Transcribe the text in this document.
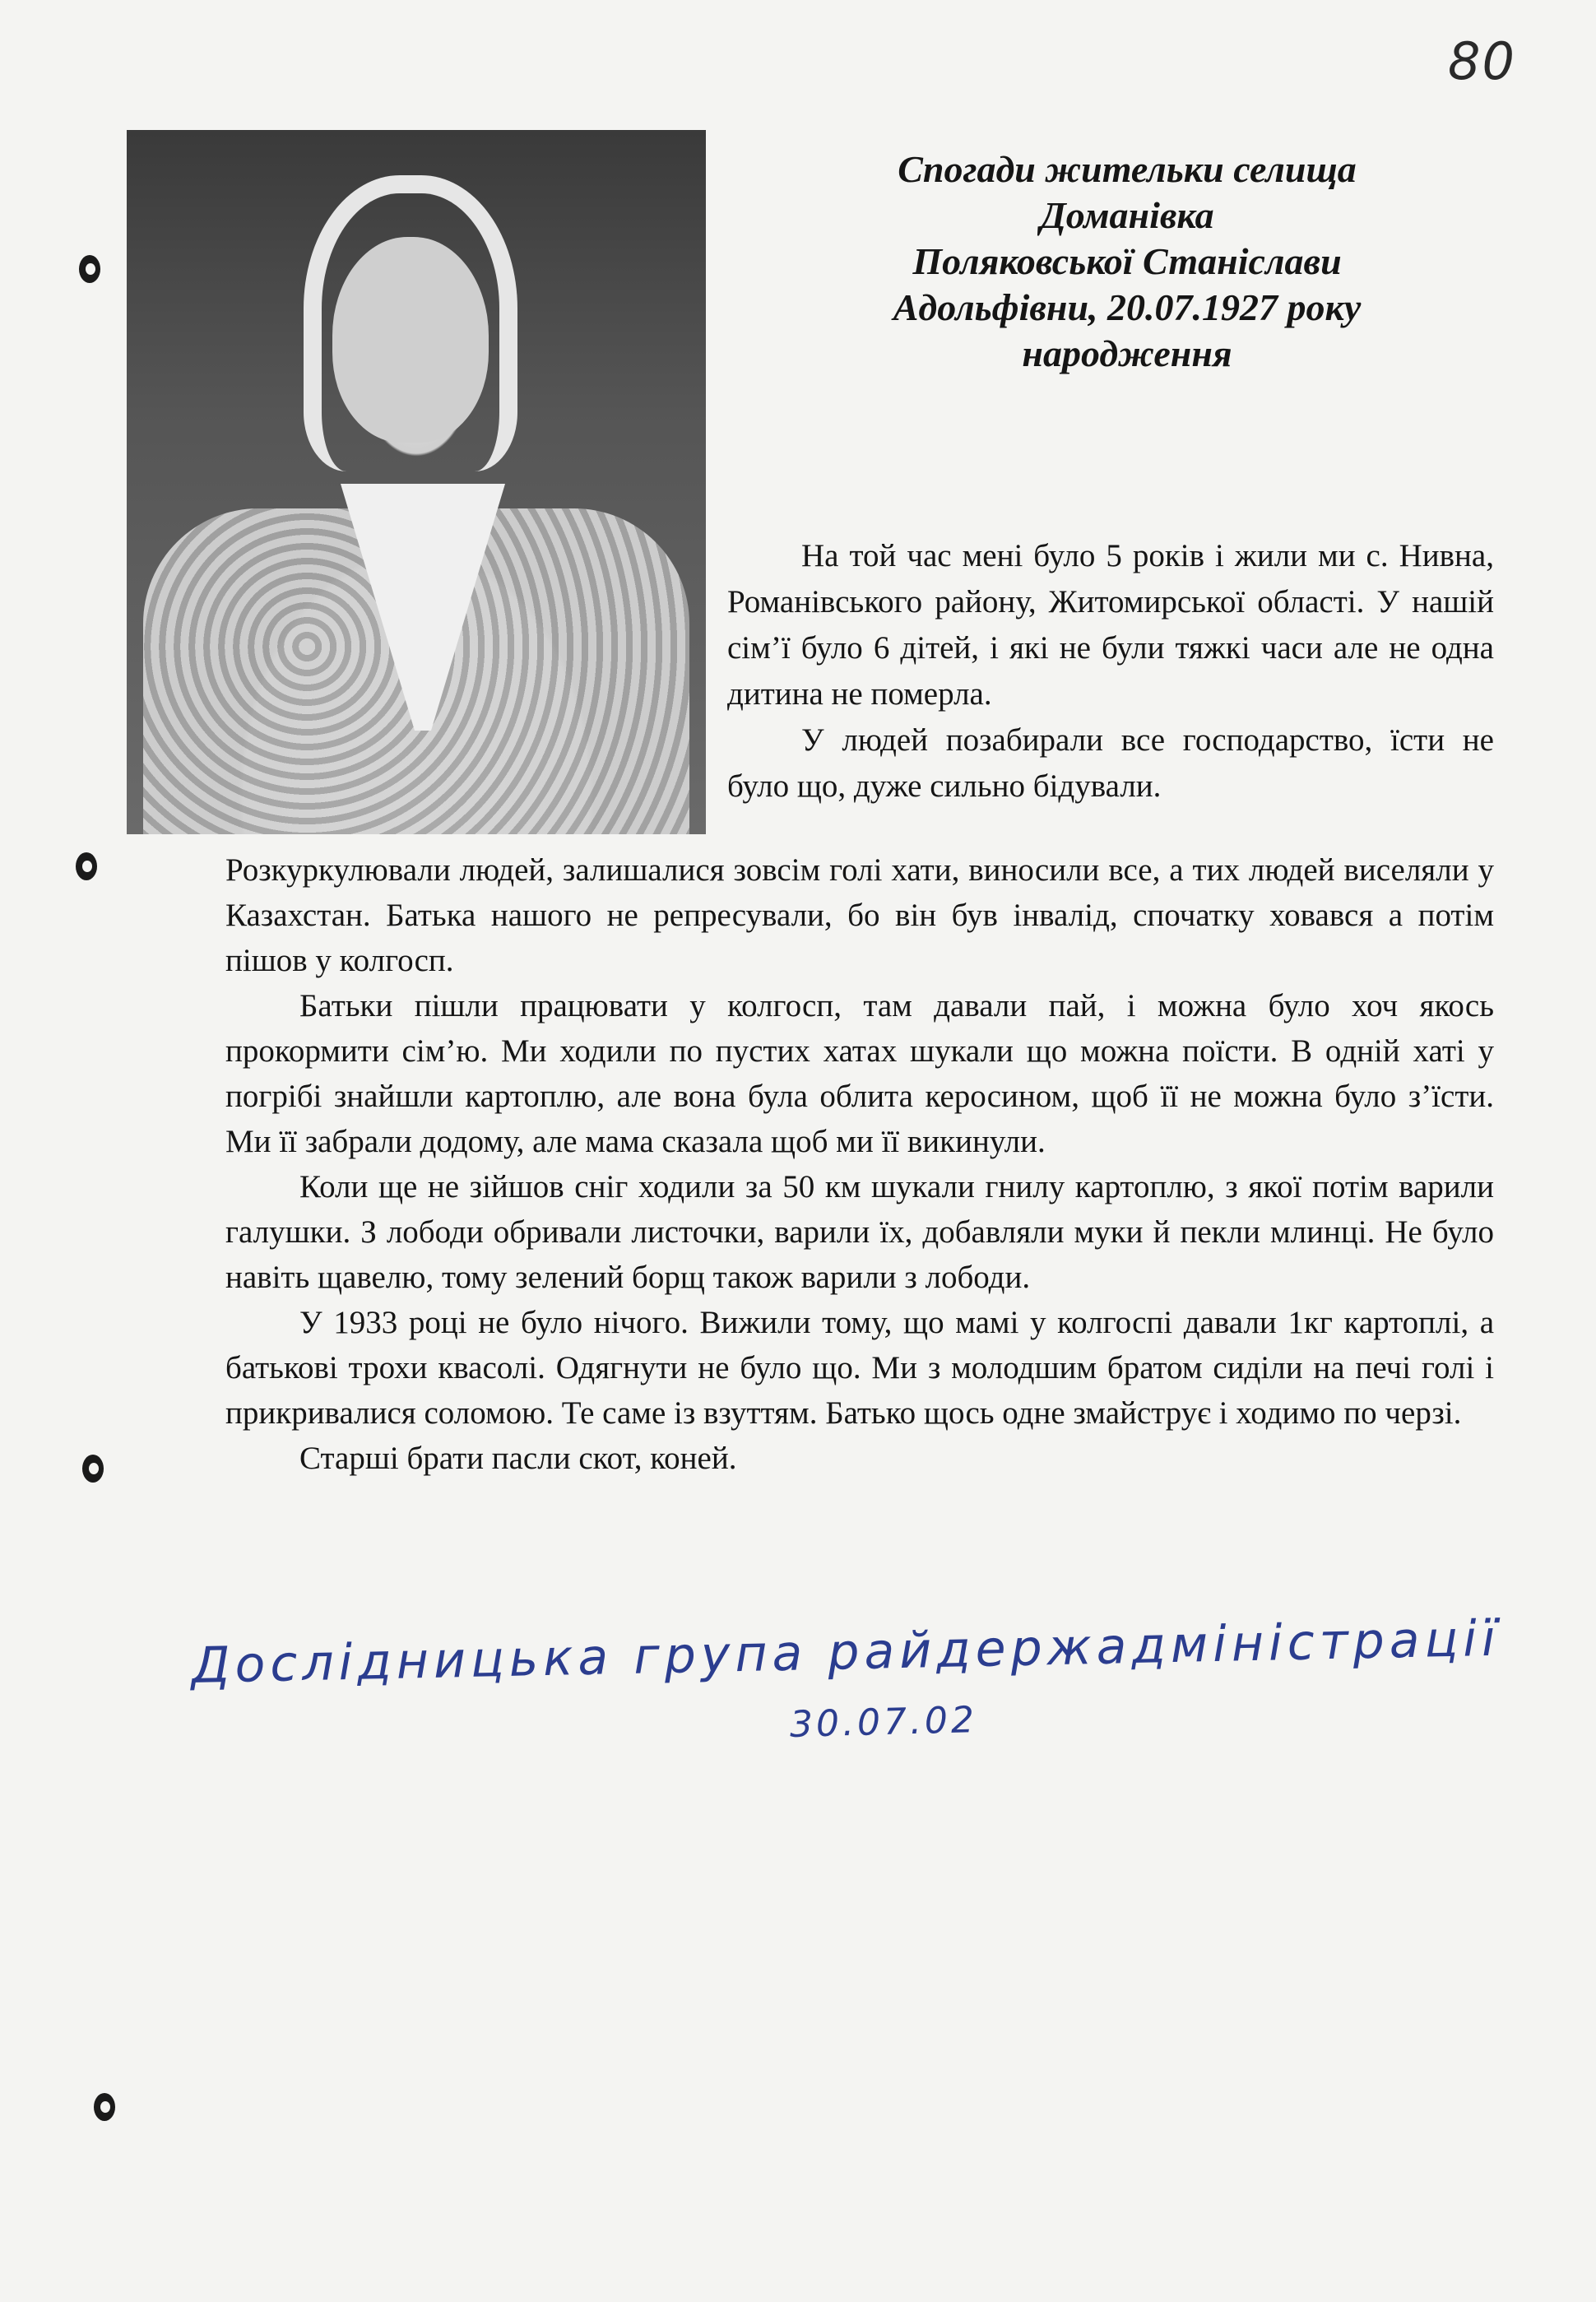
80
Спогади жительки селища
Доманівка
Поляковської Станіслави
Адольфівни, 20.07.1927 року
народження

На той час мені було 5 років і жили ми с. Нивна, Романівського району, Житомирської області. У нашій сім’ї було 6 дітей, і які не були тяжкі часи але не одна дитина не померла.

У людей позабирали все господарство, їсти не було що, дуже сильно бідували.

Розкуркулювали людей, залишалися зовсім голі хати, виносили все, а тих людей виселяли у Казахстан. Батька нашого не репресували, бо він був інвалід, спочатку ховався а потім пішов у колгосп.

Батьки пішли працювати у колгосп, там давали пай, і можна було хоч якось прокормити сім’ю. Ми ходили по пустих хатах шукали що можна поїсти. В одній хаті у погрібі знайшли картоплю, але вона була облита керосином, щоб її не можна було з’їсти. Ми її забрали додому, але мама сказала щоб ми її викинули.

Коли ще не зійшов сніг ходили за 50 км шукали гнилу картоплю, з якої потім варили галушки. З лободи обривали листочки, варили їх, добавляли муки й пекли млинці. Не було навіть щавелю, тому зелений борщ також варили з лободи.

У 1933 році не було нічого. Вижили тому, що мамі у колгоспі давали 1кг картоплі, а батькові трохи квасолі. Одягнути не було що. Ми з молодшим братом сиділи на печі голі і прикривалися соломою. Те саме із взуттям. Батько щось одне змайструє і ходимо по черзі.

Старші брати пасли скот, коней.

Дослідницька група райдержадміністрації
30.07.02
